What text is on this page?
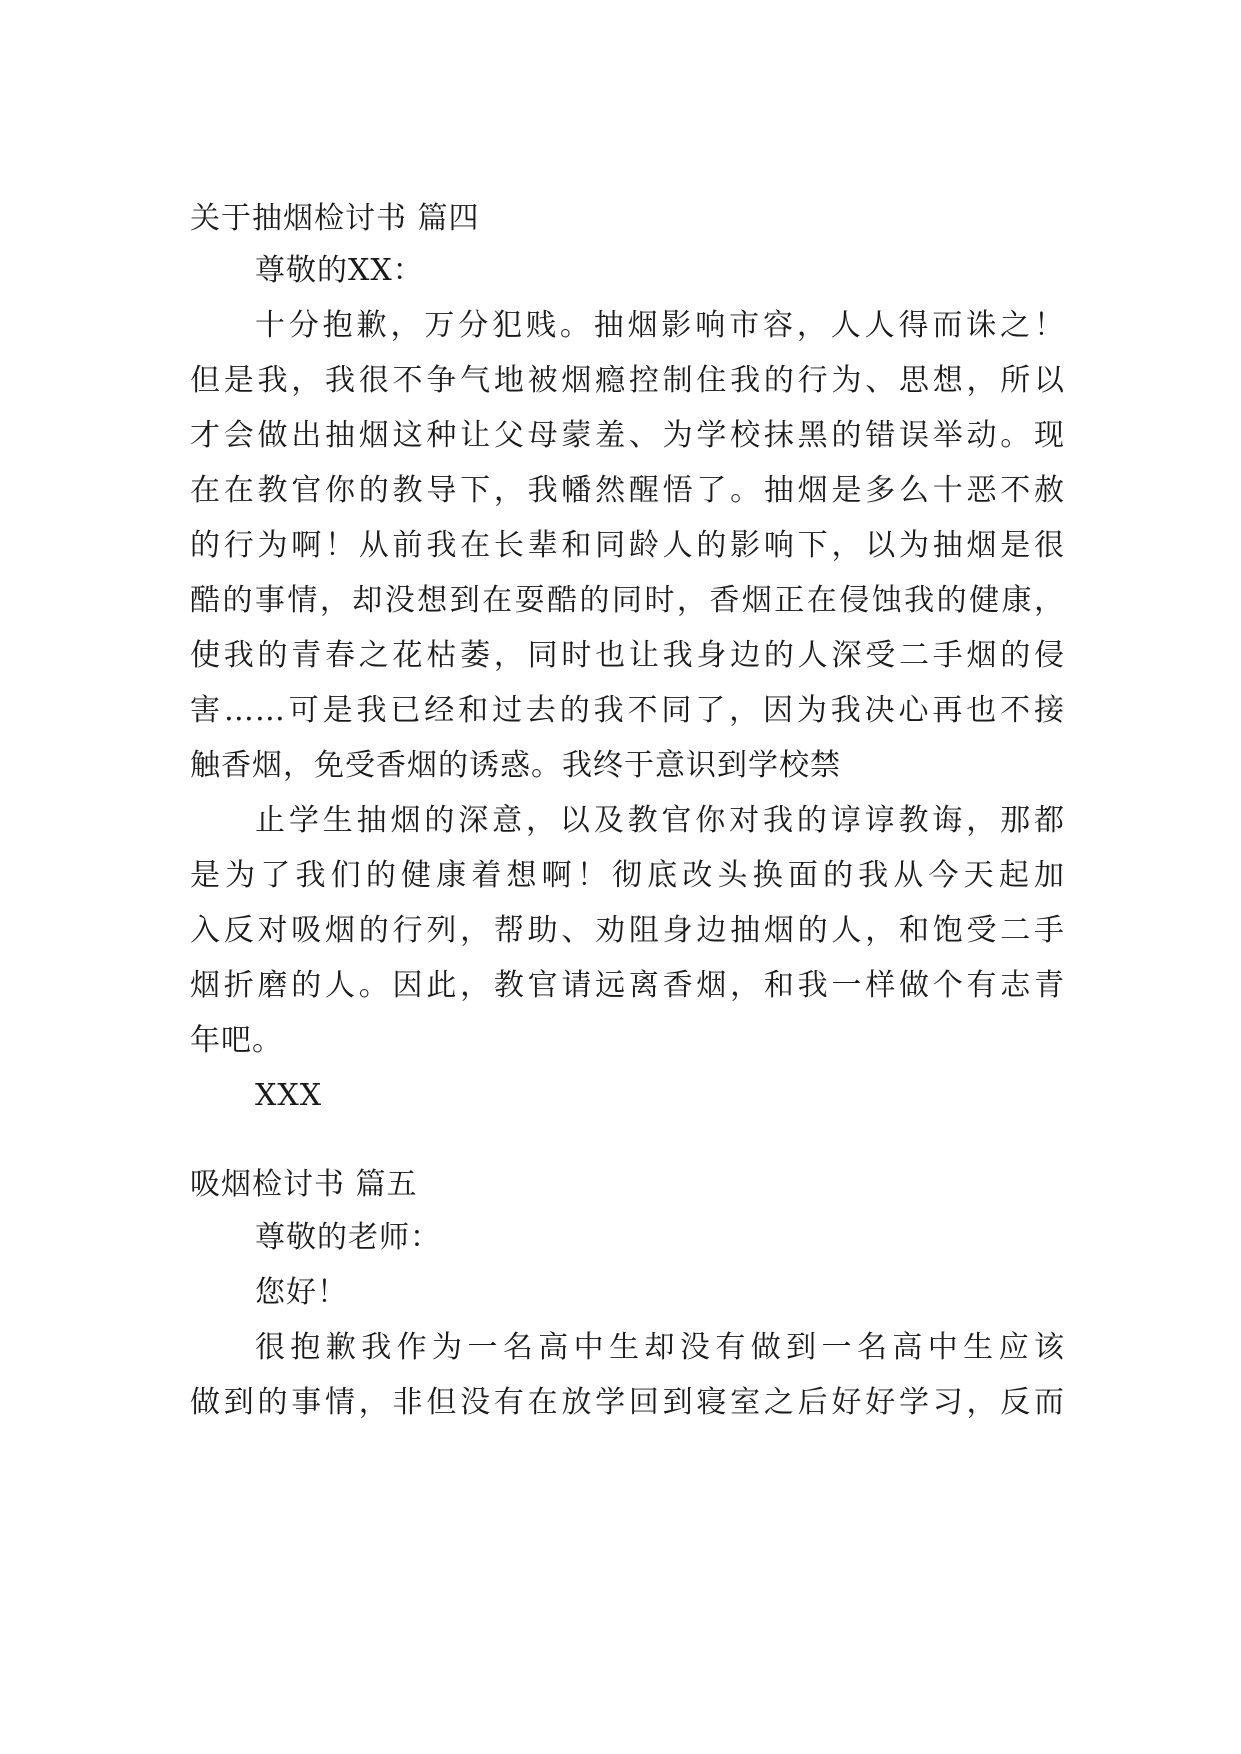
关于抽烟检讨书 篇四
尊敬的XX：
十分抱歉，万分犯贱。抽烟影响市容，人人得而诛之！
但是我，我很不争气地被烟瘾控制住我的行为、思想，所以
才会做出抽烟这种让父母蒙羞、为学校抹黑的错误举动。现
在在教官你的教导下，我幡然醒悟了。抽烟是多么十恶不赦
的行为啊！从前我在长辈和同龄人的影响下，以为抽烟是很
酷的事情，却没想到在耍酷的同时，香烟正在侵蚀我的健康，
使我的青春之花枯萎，同时也让我身边的人深受二手烟的侵
害……可是我已经和过去的我不同了，因为我决心再也不接
触香烟，免受香烟的诱惑。我终于意识到学校禁
止学生抽烟的深意，以及教官你对我的谆谆教诲，那都
是为了我们的健康着想啊！彻底改头换面的我从今天起加
入反对吸烟的行列，帮助、劝阻身边抽烟的人，和饱受二手
烟折磨的人。因此，教官请远离香烟，和我一样做个有志青
年吧。
XXX
吸烟检讨书 篇五
尊敬的老师：
您好！
很抱歉我作为一名高中生却没有做到一名高中生应该
做到的事情，非但没有在放学回到寝室之后好好学习，反而
